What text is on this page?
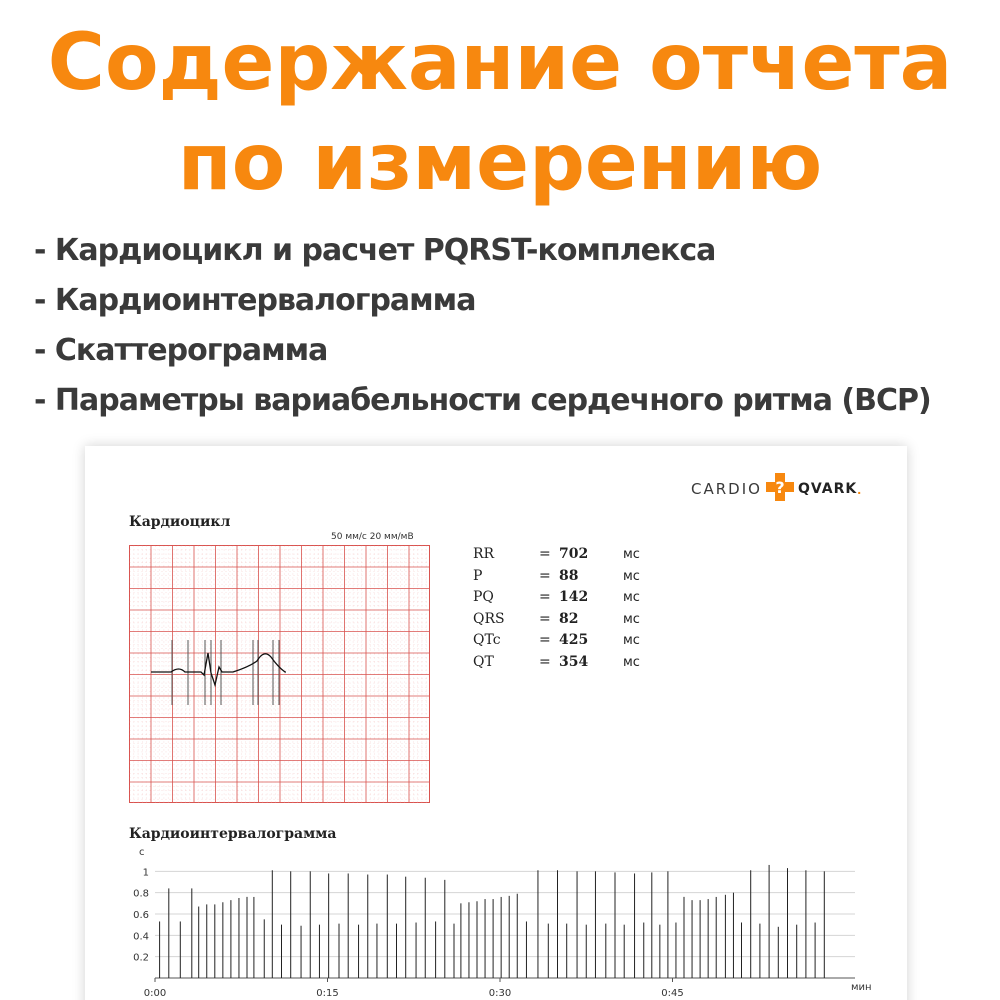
Содержание отчета
по измерению
- Кардиоцикл и расчет PQRST-комплекса
- Кардиоинтервалограмма
- Скаттерограмма
- Параметры вариабельности сердечного ритма (ВСР)
CARDIO ? QVARK .
Кардиоцикл
50 мм/с 20 мм/мВ
RR	=	702	мс
P	=	88	мс
PQ	=	142	мс
QRS	=	82	мс
QTc	=	425	мс
QT	=	354	мс
Кардиоинтервалограмма
с
0.2
0.4
0.6
0.8
1
0:00	0:15	0:30	0:45
мин
